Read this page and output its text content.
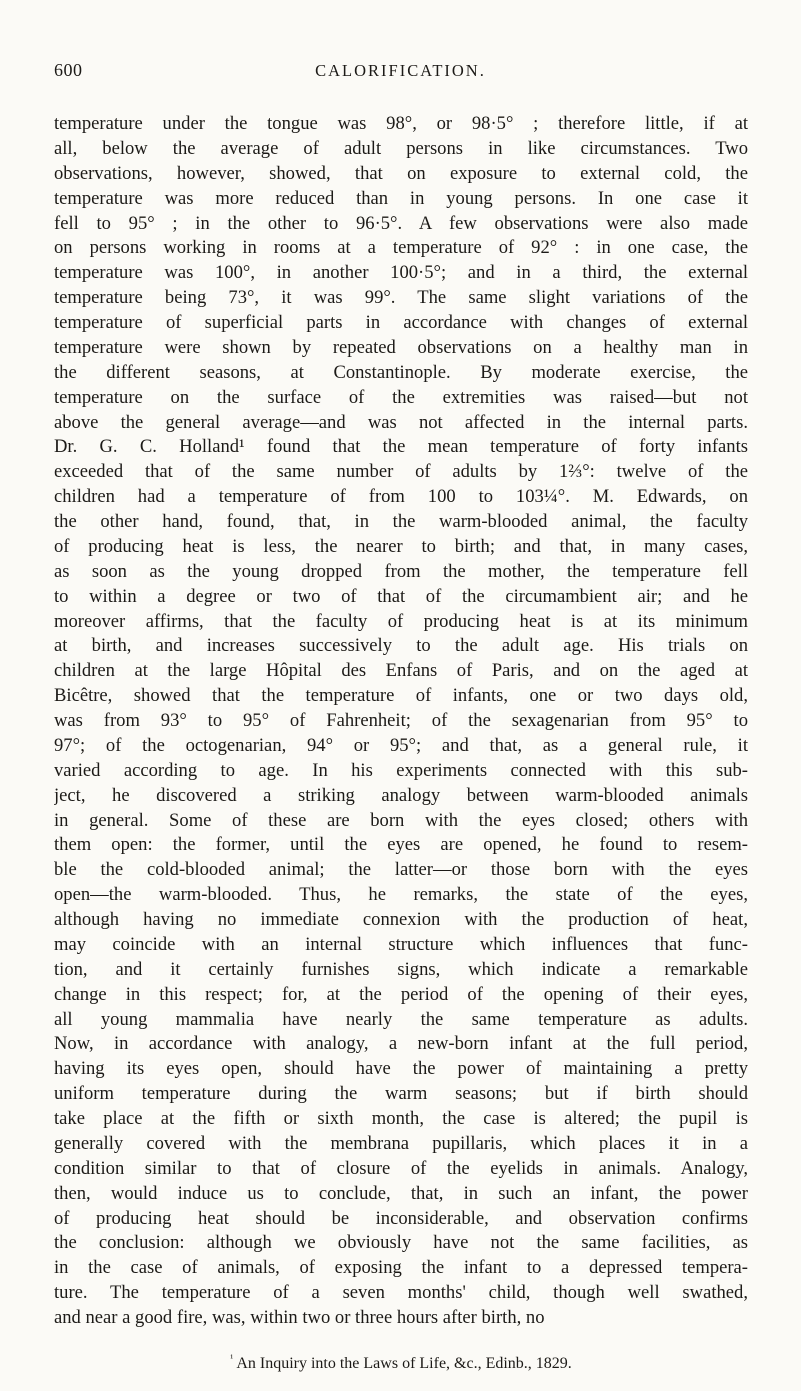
600	CALORIFICATION.
temperature under the tongue was 98°, or 98·5° ; therefore little, if at
all, below the average of adult persons in like circumstances. Two
observations, however, showed, that on exposure to external cold, the
temperature was more reduced than in young persons. In one case it
fell to 95° ; in the other to 96·5°. A few observations were also made
on persons working in rooms at a temperature of 92° : in one case, the
temperature was 100°, in another 100·5°; and in a third, the external
temperature being 73°, it was 99°. The same slight variations of the
temperature of superficial parts in accordance with changes of external
temperature were shown by repeated observations on a healthy man in
the different seasons, at Constantinople. By moderate exercise, the
temperature on the surface of the extremities was raised—but not
above the general average—and was not affected in the internal parts.
Dr. G. C. Holland¹ found that the mean temperature of forty infants
exceeded that of the same number of adults by 1⅔°: twelve of the
children had a temperature of from 100 to 103¼°. M. Edwards, on
the other hand, found, that, in the warm-blooded animal, the faculty
of producing heat is less, the nearer to birth; and that, in many cases,
as soon as the young dropped from the mother, the temperature fell
to within a degree or two of that of the circumambient air; and he
moreover affirms, that the faculty of producing heat is at its minimum
at birth, and increases successively to the adult age. His trials on
children at the large Hôpital des Enfans of Paris, and on the aged at
Bicêtre, showed that the temperature of infants, one or two days old,
was from 93° to 95° of Fahrenheit; of the sexagenarian from 95° to
97°; of the octogenarian, 94° or 95°; and that, as a general rule, it
varied according to age. In his experiments connected with this sub-
ject, he discovered a striking analogy between warm-blooded animals
in general. Some of these are born with the eyes closed; others with
them open: the former, until the eyes are opened, he found to resem-
ble the cold-blooded animal; the latter—or those born with the eyes
open—the warm-blooded. Thus, he remarks, the state of the eyes,
although having no immediate connexion with the production of heat,
may coincide with an internal structure which influences that func-
tion, and it certainly furnishes signs, which indicate a remarkable
change in this respect; for, at the period of the opening of their eyes,
all young mammalia have nearly the same temperature as adults.
Now, in accordance with analogy, a new-born infant at the full period,
having its eyes open, should have the power of maintaining a pretty
uniform temperature during the warm seasons; but if birth should
take place at the fifth or sixth month, the case is altered; the pupil is
generally covered with the membrana pupillaris, which places it in a
condition similar to that of closure of the eyelids in animals. Analogy,
then, would induce us to conclude, that, in such an infant, the power
of producing heat should be inconsiderable, and observation confirms
the conclusion: although we obviously have not the same facilities, as
in the case of animals, of exposing the infant to a depressed tempera-
ture. The temperature of a seven months' child, though well swathed,
and near a good fire, was, within two or three hours after birth, no
$^{^1}$ An Inquiry into the Laws of Life, &c., Edinb., 1829.
